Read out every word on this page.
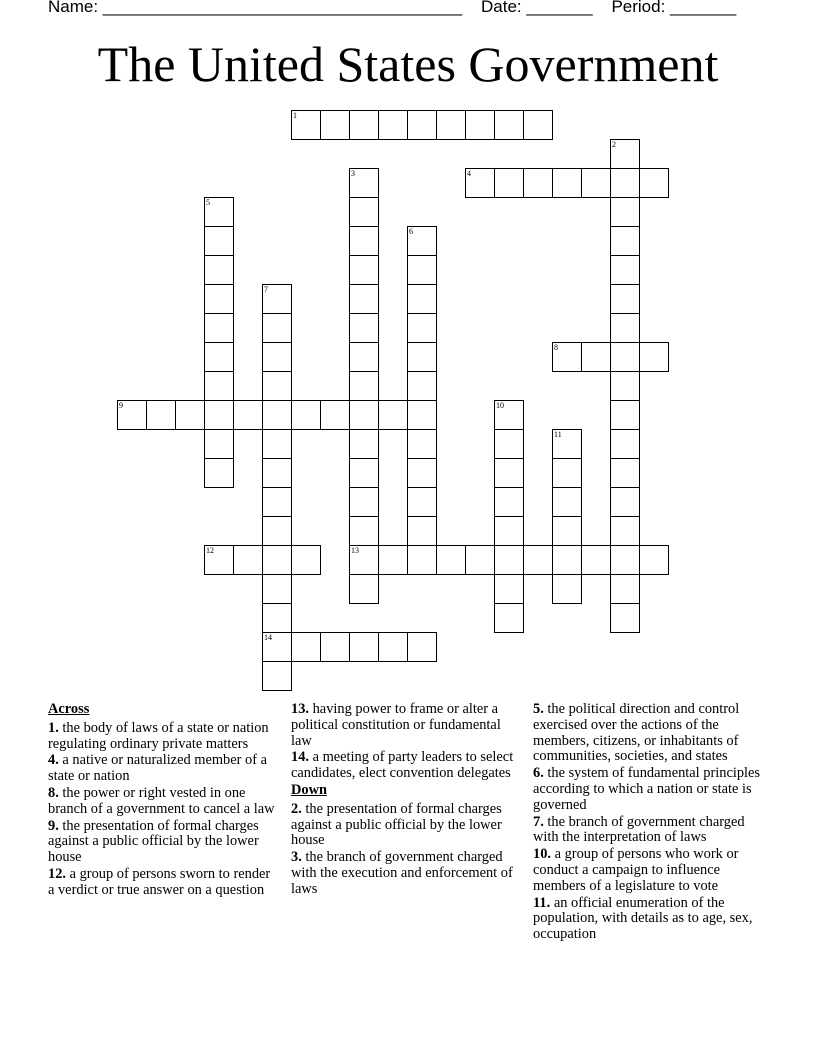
Name: ______________________________________ Date: _______ Period: _______
The United States Government
1
2
3
13
4
5
6
7
14
8
9	10
11
12
Across
1. the body of laws of a state or nation regulating ordinary private matters
4. a native or naturalized member of a state or nation
8. the power or right vested in one branch of a government to cancel a law
9. the presentation of formal charges against a public official by the lower house
12. a group of persons sworn to render a verdict or true answer on a question
13. having power to frame or alter a political constitution or fundamental law
14. a meeting of party leaders to select candidates, elect convention delegates
Down
2. the presentation of formal charges against a public official by the lower house
3. the branch of government charged with the execution and enforcement of laws
5. the political direction and control exercised over the actions of the members, citizens, or inhabitants of communities, societies, and states
6. the system of fundamental principles according to which a nation or state is governed
7. the branch of government charged with the interpretation of laws
10. a group of persons who work or conduct a campaign to influence members of a legislature to vote
11. an official enumeration of the population, with details as to age, sex, occupation
